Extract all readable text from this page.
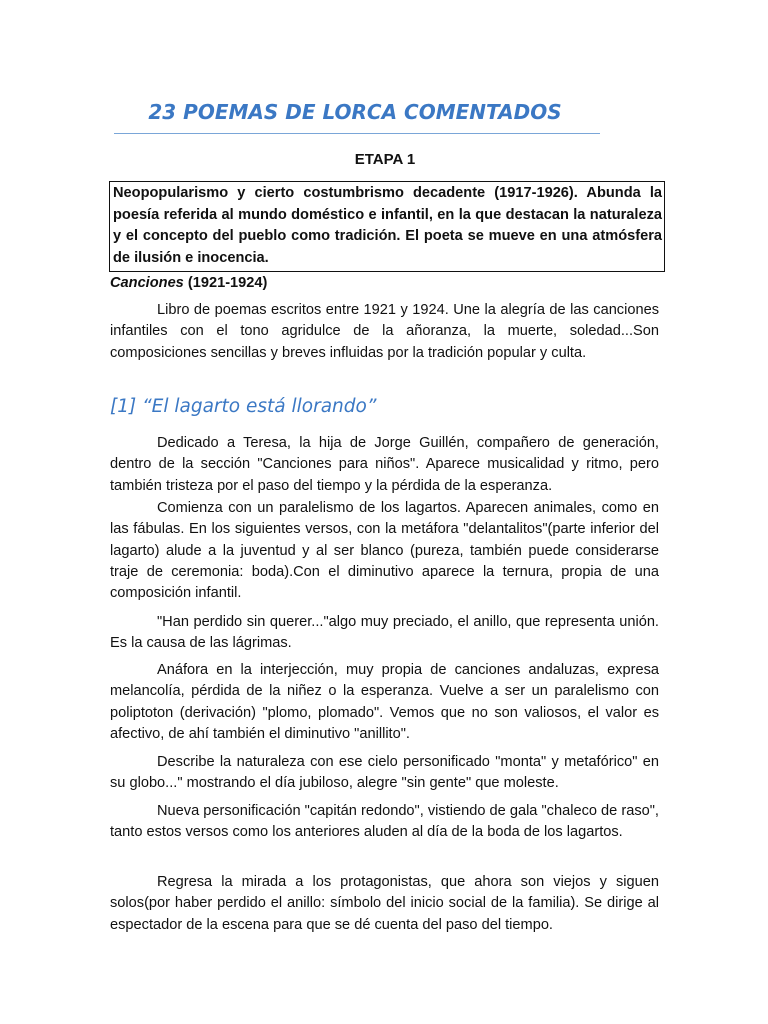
23 POEMAS DE LORCA COMENTADOS
ETAPA 1
Neopopularismo y cierto costumbrismo decadente (1917-1926). Abunda la poesía referida al mundo doméstico e infantil, en la que destacan la naturaleza y el concepto del pueblo como tradición. El poeta se mueve en una atmósfera de ilusión e inocencia.
Canciones (1921-1924)

Libro de poemas escritos entre 1921 y 1924. Une la alegría de las canciones infantiles con el tono agridulce de la añoranza, la muerte, soledad...Son composiciones sencillas y breves influidas por la tradición popular y culta.

[1] “El lagarto está llorando”

Dedicado a Teresa, la hija de Jorge Guillén, compañero de generación, dentro de la sección "Canciones para niños". Aparece musicalidad y ritmo, pero también tristeza por el paso del tiempo y la pérdida de la esperanza.

Comienza con un paralelismo de los lagartos. Aparecen animales, como en las fábulas. En los siguientes versos, con la metáfora "delantalitos"(parte inferior del lagarto) alude a la juventud y al ser blanco (pureza, también puede considerarse traje de ceremonia: boda).Con el diminutivo aparece la ternura, propia de una composición infantil.

"Han perdido sin querer..."algo muy preciado, el anillo, que representa unión. Es la causa de las lágrimas.

Anáfora en la interjección, muy propia de canciones andaluzas, expresa melancolía, pérdida de la niñez o la esperanza. Vuelve a ser un paralelismo con poliptoton (derivación) "plomo, plomado". Vemos que no son valiosos, el valor es afectivo, de ahí también el diminutivo "anillito".

Describe la naturaleza con ese cielo personificado "monta" y metafórico" en su globo..." mostrando el día jubiloso, alegre "sin gente" que moleste.

Nueva personificación "capitán redondo", vistiendo de gala "chaleco de raso", tanto estos versos como los anteriores aluden al día de la boda de los lagartos.

Regresa la mirada a los protagonistas, que ahora son viejos y siguen solos(por haber perdido el anillo: símbolo del inicio social de la familia). Se dirige al espectador de la escena para que se dé cuenta del paso del tiempo.
